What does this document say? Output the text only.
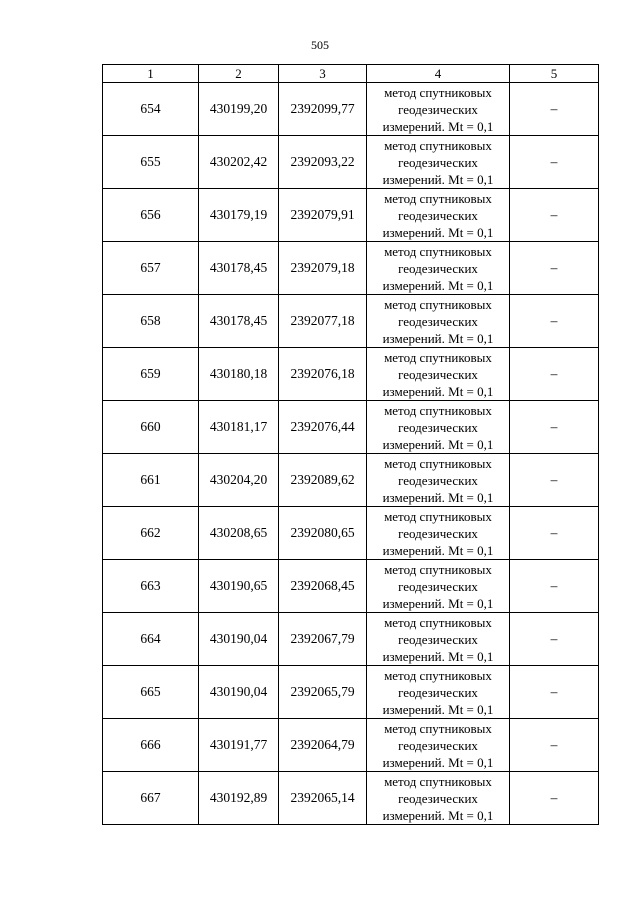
505
1	2	3	4	5
654	430199,20	2392099,77	метод спутниковых
геодезических
измерений. Mt = 0,1	–
655	430202,42	2392093,22	метод спутниковых
геодезических
измерений. Mt = 0,1	–
656	430179,19	2392079,91	метод спутниковых
геодезических
измерений. Mt = 0,1	–
657	430178,45	2392079,18	метод спутниковых
геодезических
измерений. Mt = 0,1	–
658	430178,45	2392077,18	метод спутниковых
геодезических
измерений. Mt = 0,1	–
659	430180,18	2392076,18	метод спутниковых
геодезических
измерений. Mt = 0,1	–
660	430181,17	2392076,44	метод спутниковых
геодезических
измерений. Mt = 0,1	–
661	430204,20	2392089,62	метод спутниковых
геодезических
измерений. Mt = 0,1	–
662	430208,65	2392080,65	метод спутниковых
геодезических
измерений. Mt = 0,1	–
663	430190,65	2392068,45	метод спутниковых
геодезических
измерений. Mt = 0,1	–
664	430190,04	2392067,79	метод спутниковых
геодезических
измерений. Mt = 0,1	–
665	430190,04	2392065,79	метод спутниковых
геодезических
измерений. Mt = 0,1	–
666	430191,77	2392064,79	метод спутниковых
геодезических
измерений. Mt = 0,1	–
667	430192,89	2392065,14	метод спутниковых
геодезических
измерений. Mt = 0,1	–
